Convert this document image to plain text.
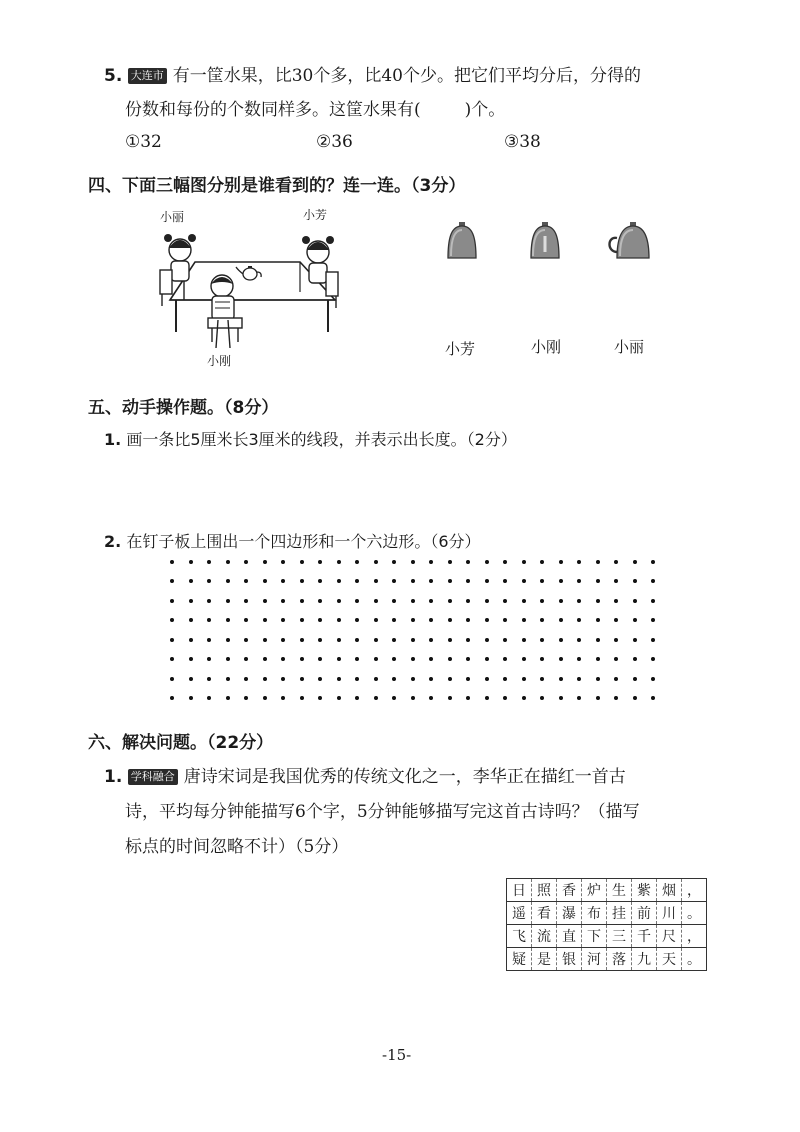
5. 大连市 有一筐水果，比30个多，比40个少。把它们平均分后，分得的
份数和每份的个数同样多。这筐水果有(	)个。
①32	②36	③38
四、下面三幅图分别是谁看到的？连一连。（3分）
小丽	小芳
小刚
小芳	小刚	小丽
五、动手操作题。（8分）
1. 画一条比5厘米长3厘米的线段，并表示出长度。（2分）
2. 在钉子板上围出一个四边形和一个六边形。（6分）
六、解决问题。（22分）
1. 学科融合 唐诗宋词是我国优秀的传统文化之一，李华正在描红一首古
诗，平均每分钟能描写6个字，5分钟能够描写完这首古诗吗？（描写
标点的时间忽略不计）（5分）
日	照	香	炉	生	紫	烟	，
遥	看	瀑	布	挂	前	川	。
飞	流	直	下	三	千	尺	，
疑	是	银	河	落	九	天	。
-15-
